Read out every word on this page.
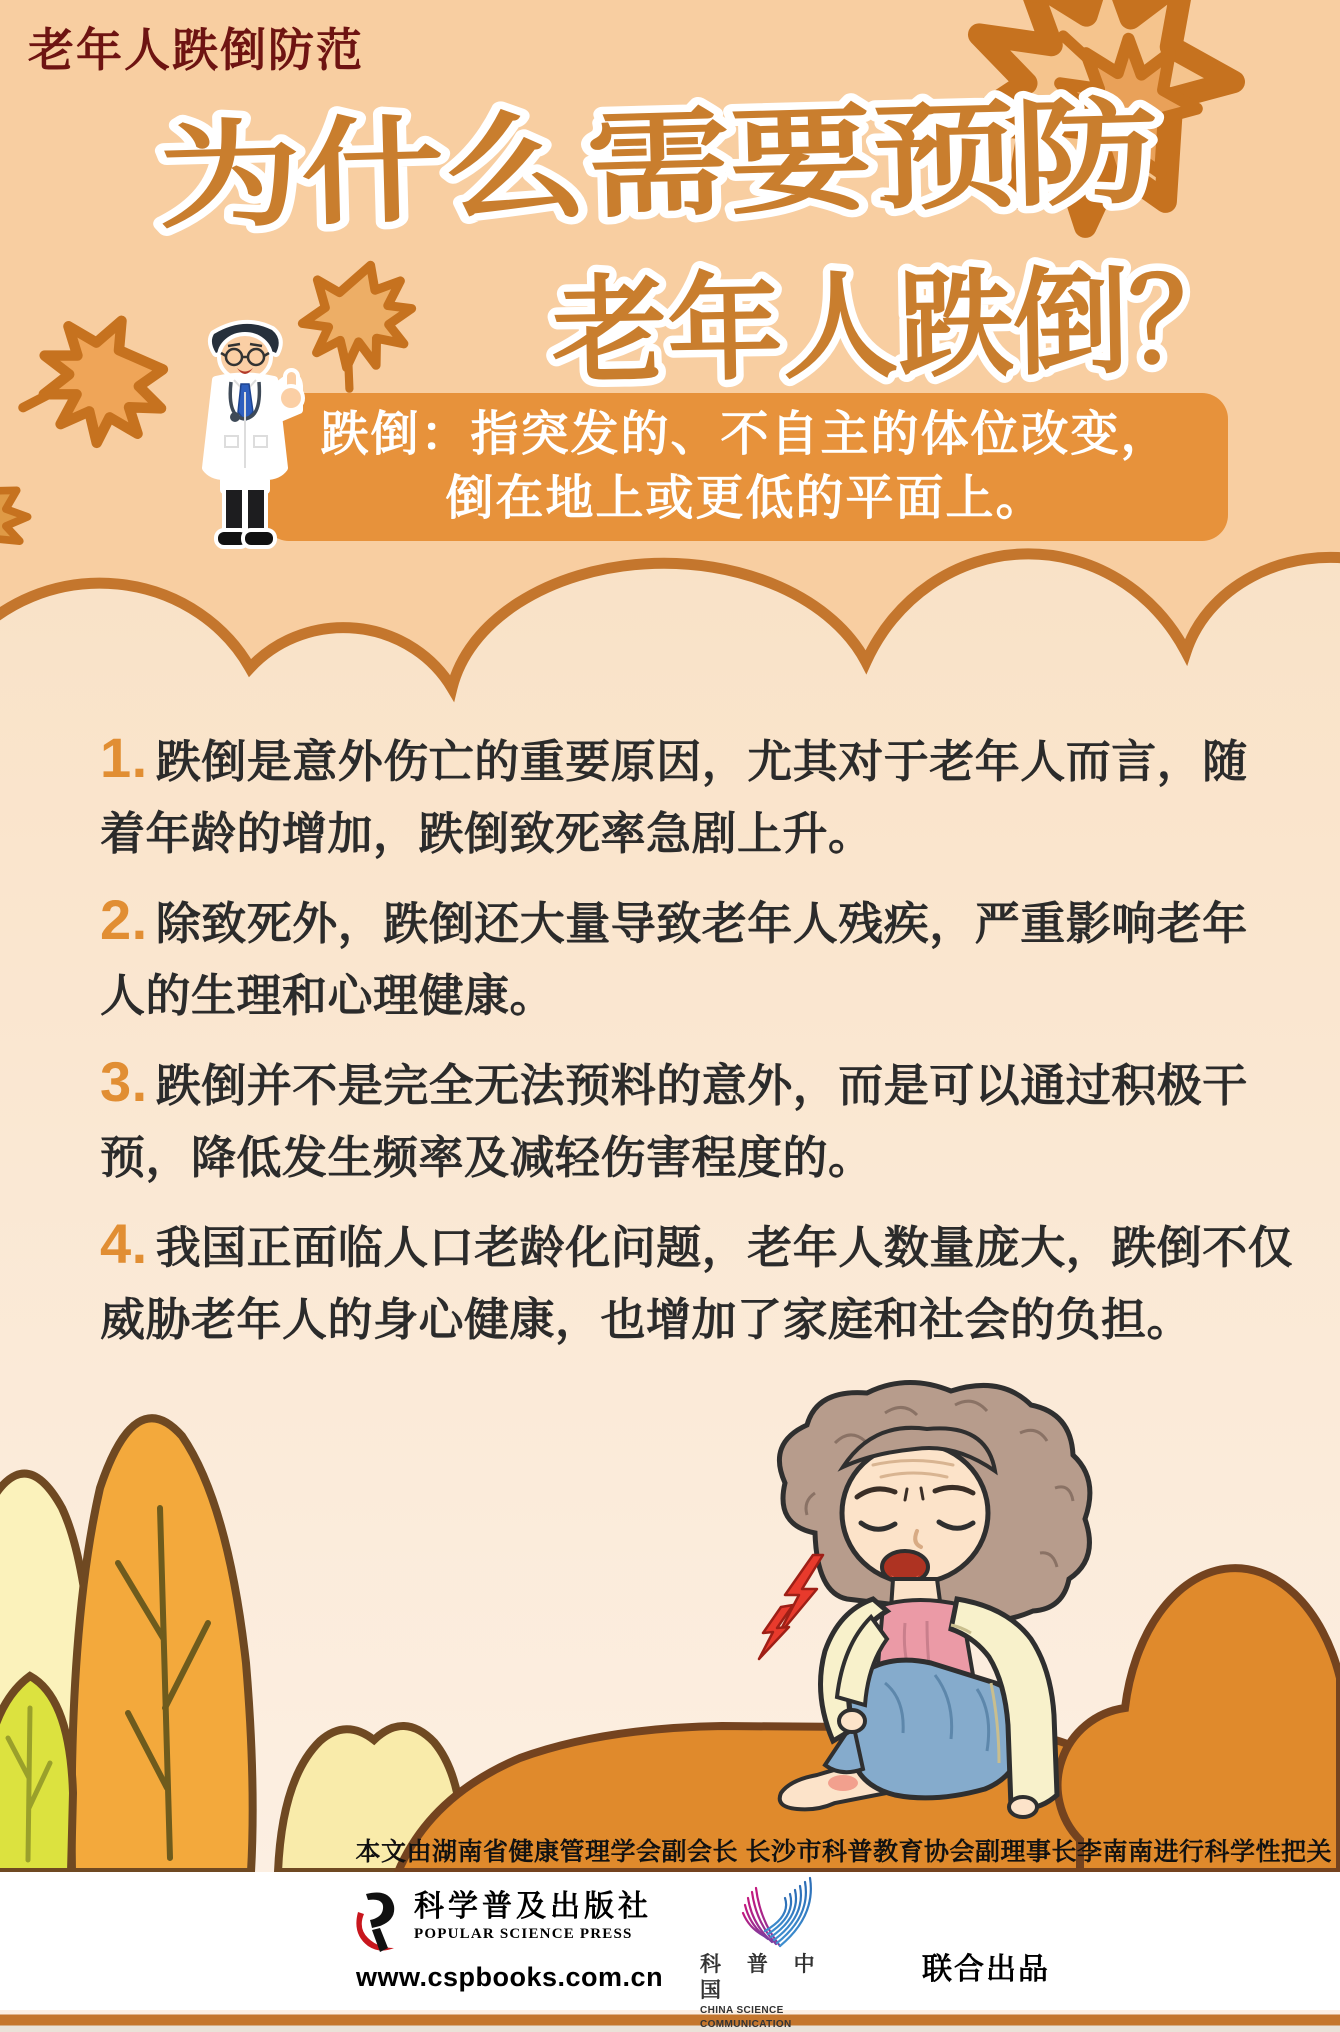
为什么需要预防
老年人跌倒？
老年人跌倒防范
跌倒：指突发的、不自主的体位改变，
倒在地上或更低的平面上。
1. 跌倒是意外伤亡的重要原因，尤其对于老年人而言，随
着年龄的增加，跌倒致死率急剧上升。
2. 除致死外，跌倒还大量导致老年人残疾，严重影响老年
人的生理和心理健康。
3. 跌倒并不是完全无法预料的意外，而是可以通过积极干
预，降低发生频率及减轻伤害程度的。
4. 我国正面临人口老龄化问题，老年人数量庞大，跌倒不仅
威胁老年人的身心健康，也增加了家庭和社会的负担。
本文由湖南省健康管理学会副会长 长沙市科普教育协会副理事长李南南进行科学性把关
科学普及出版社
POPULAR SCIENCE PRESS
www.cspbooks.com.cn 科 普 中 国
CHINA SCIENCE COMMUNICATION
联合出品
